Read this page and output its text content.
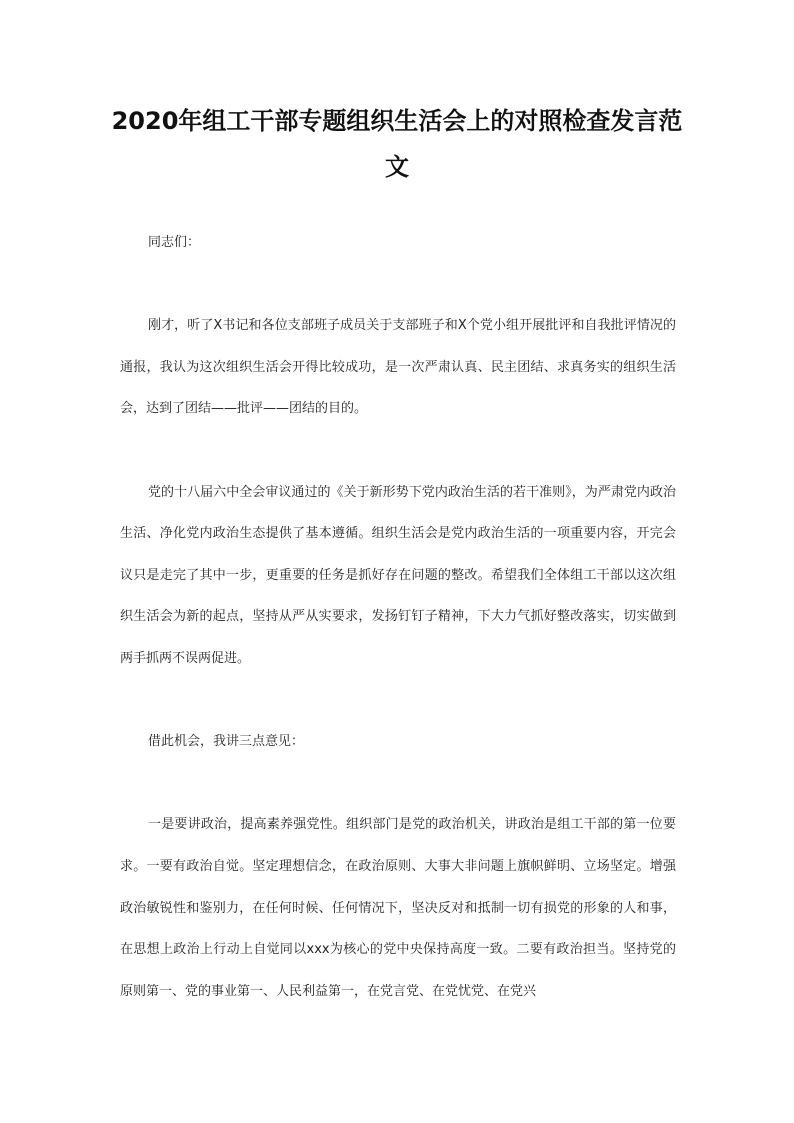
2020年组工干部专题组织生活会上的对照检查发言范文

同志们：

刚才，听了X书记和各位支部班子成员关于支部班子和X个党小组开展批评和自我批评情况的通报，我认为这次组织生活会开得比较成功，是一次严肃认真、民主团结、求真务实的组织生活会，达到了团结——批评——团结的目的。

党的十八届六中全会审议通过的《关于新形势下党内政治生活的若干准则》，为严肃党内政治生活、净化党内政治生态提供了基本遵循。组织生活会是党内政治生活的一项重要内容，开完会议只是走完了其中一步，更重要的任务是抓好存在问题的整改。希望我们全体组工干部以这次组织生活会为新的起点，坚持从严从实要求，发扬钉钉子精神，下大力气抓好整改落实，切实做到两手抓两不误两促进。

借此机会，我讲三点意见：

一是要讲政治，提高素养强党性。组织部门是党的政治机关，讲政治是组工干部的第一位要求。一要有政治自觉。坚定理想信念，在政治原则、大事大非问题上旗帜鲜明、立场坚定。增强政治敏锐性和鉴别力，在任何时候、任何情况下，坚决反对和抵制一切有损党的形象的人和事，在思想上政治上行动上自觉同以xxx为核心的党中央保持高度一致。二要有政治担当。坚持党的原则第一、党的事业第一、人民利益第一，在党言党、在党忧党、在党兴
